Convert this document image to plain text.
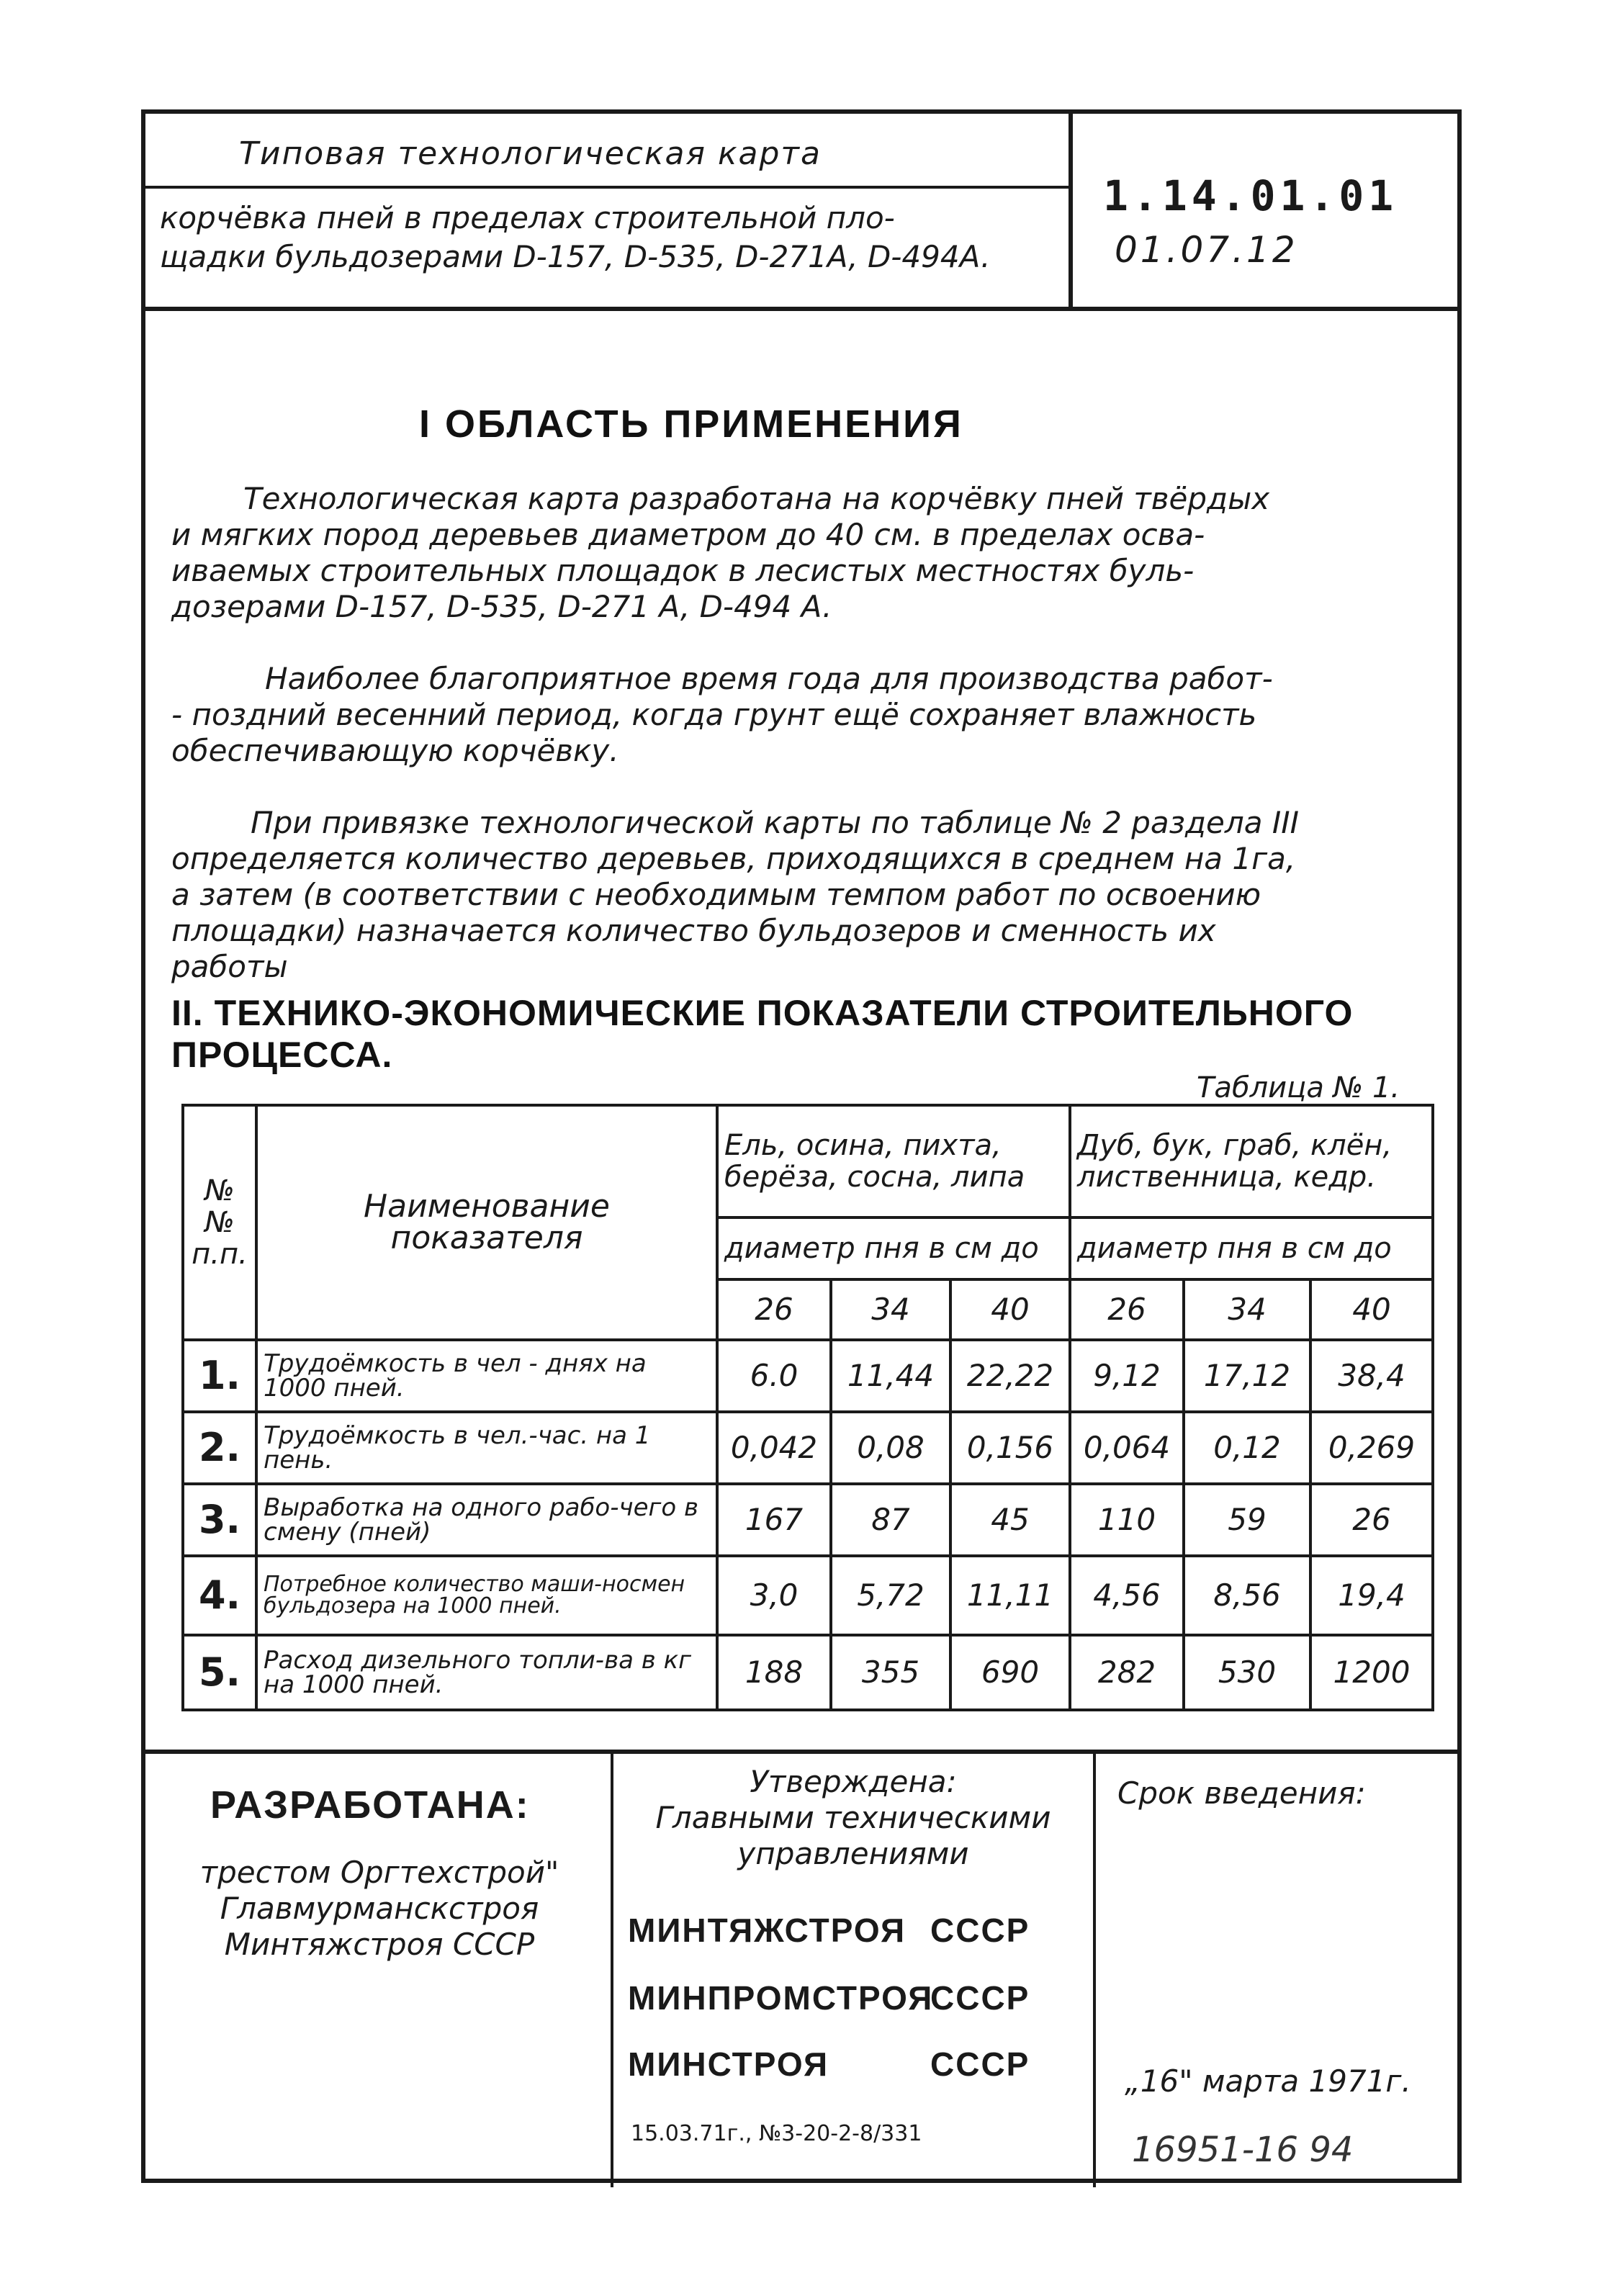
Типовая технологическая карта
корчёвка пней в пределах строительной пло-
щадки бульдозерами D-157, D-535, D-271A, D-494A.
1.14.01.01
01.07.12
I ОБЛАСТЬ ПРИМЕНЕНИЯ

Технологическая карта разработана на корчёвку пней твёрдых

и мягких пород деревьев диаметром до 40 см. в пределах осва-

иваемых строительных площадок в лесистых местностях буль-

дозерами D-157, D-535, D-271 A, D-494 A.

Наиболее благоприятное время года для производства работ-

- поздний весенний период, когда грунт ещё сохраняет влажность

обеспечивающую корчёвку.

При привязке технологической карты по таблице № 2 раздела III

определяется количество деревьев, приходящихся в среднем на 1га,

а затем (в соответствии с необходимым темпом работ по освоению

площадки) назначается количество бульдозеров и сменность их

работы

II. ТЕХНИКО-ЭКОНОМИЧЕСКИЕ ПОКАЗАТЕЛИ СТРОИТЕЛЬНОГО ПРОЦЕССА.
Таблица № 1.
№№ п.п.	Наименование показателя	Ель, осина, пихта, берёза, сосна, липа			Дуб, бук, граб, клён, лиственница, кедр.		
		диаметр пня в см до			диаметр пня в см до		
		26	34	40	26	34	40
1.	Трудоёмкость в чел - днях на 1000 пней.	6.0	11,44	22,22	9,12	17,12	38,4
2.	Трудоёмкость в чел.-час. на 1 пень.	0,042	0,08	0,156	0,064	0,12	0,269
3.	Выработка на одного рабо-чего в смену (пней)	167	87	45	110	59	26
4.	Потребное количество маши-носмен бульдозера на 1000 пней.	3,0	5,72	11,11	4,56	8,56	19,4
5.	Расход дизельного топли-ва в кг на 1000 пней.	188	355	690	282	530	1200
РАЗРАБОТАНА:
трестом Оргтехстрой"
Главмурманскстроя
Минтяжстроя СССР
Утверждена:
Главными техническими
управлениями
МИНТЯЖСТРОЯ СССР
МИНПРОМСТРОЯ
СССР
МИНСТРОЯ	СССР
15.03.71г., №3-20-2-8/331
Срок введения:
„16" марта 1971г.
16951-16 94
